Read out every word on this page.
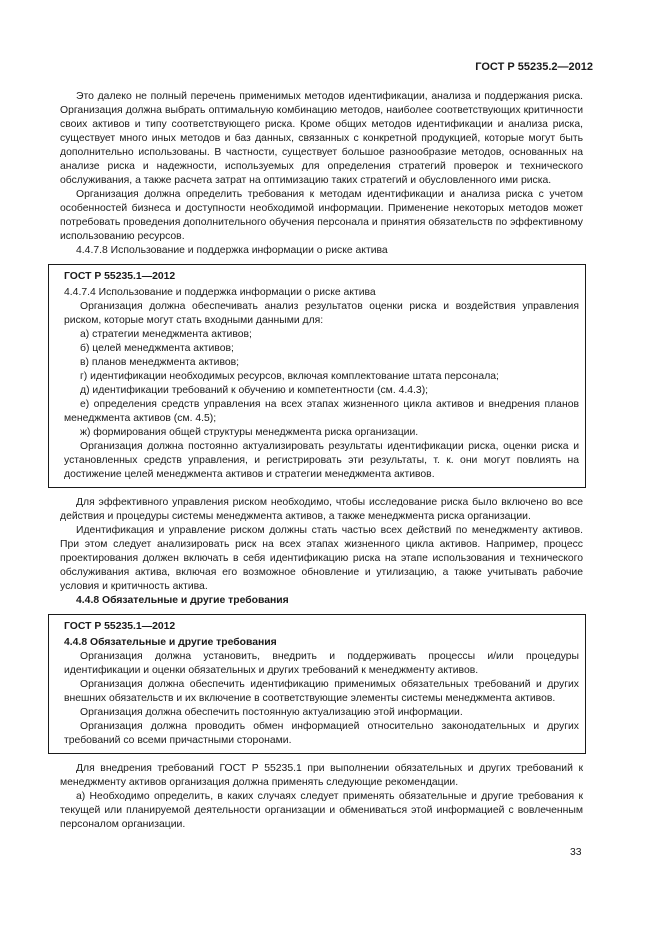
ГОСТ Р 55235.2—2012

Это далеко не полный перечень применимых методов идентификации, анализа и поддержания риска. Организация должна выбрать оптимальную комбинацию методов, наиболее соответствующих критичности своих активов и типу соответствующего риска. Кроме общих методов идентификации и анализа риска, существует много иных методов и баз данных, связанных с конкретной продукцией, которые могут быть дополнительно использованы. В частности, существует большое разнообразие методов, основанных на анализе риска и надежности, используемых для определения стратегий проверок и технического обслуживания, а также расчета затрат на оптимизацию таких стратегий и обусловленного ими риска.

Организация должна определить требования к методам идентификации и анализа риска с учетом особенностей бизнеса и доступности необходимой информации. Применение некоторых методов может потребовать проведения дополнительного обучения персонала и принятия обязательств по эффективному использованию ресурсов.

4.4.7.8 Использование и поддержка информации о риске актива

ГОСТ Р 55235.1—2012

4.4.7.4 Использование и поддержка информации о риске актива

Организация должна обеспечивать анализ результатов оценки риска и воздействия управления риском, которые могут стать входными данными для:

а) стратегии менеджмента активов;

б) целей менеджмента активов;

в) планов менеджмента активов;

г) идентификации необходимых ресурсов, включая комплектование штата персонала;

д) идентификации требований к обучению и компетентности (см. 4.4.3);

е) определения средств управления на всех этапах жизненного цикла активов и внедрения планов менеджмента активов (см. 4.5);

ж) формирования общей структуры менеджмента риска организации.

Организация должна постоянно актуализировать результаты идентификации риска, оценки риска и установленных средств управления, и регистрировать эти результаты, т. к. они могут повлиять на достижение целей менеджмента активов и стратегии менеджмента активов.

Для эффективного управления риском необходимо, чтобы исследование риска было включено во все действия и процедуры системы менеджмента активов, а также менеджмента риска организации.

Идентификация и управление риском должны стать частью всех действий по менеджменту активов. При этом следует анализировать риск на всех этапах жизненного цикла активов. Например, процесс проектирования должен включать в себя идентификацию риска на этапе использования и технического обслуживания актива, включая его возможное обновление и утилизацию, а также учитывать рабочие условия и критичность актива.

4.4.8 Обязательные и другие требования

ГОСТ Р 55235.1—2012

4.4.8 Обязательные и другие требования

Организация должна установить, внедрить и поддерживать процессы и/или процедуры идентификации и оценки обязательных и других требований к менеджменту активов.

Организация должна обеспечить идентификацию применимых обязательных требований и других внешних обязательств и их включение в соответствующие элементы системы менеджмента активов.

Организация должна обеспечить постоянную актуализацию этой информации.

Организация должна проводить обмен информацией относительно законодательных и других требований со всеми причастными сторонами.

Для внедрения требований ГОСТ Р 55235.1 при выполнении обязательных и других требований к менеджменту активов организация должна применять следующие рекомендации.

а) Необходимо определить, в каких случаях следует применять обязательные и другие требования к текущей или планируемой деятельности организации и обмениваться этой информацией с вовлеченным персоналом организации.

33
